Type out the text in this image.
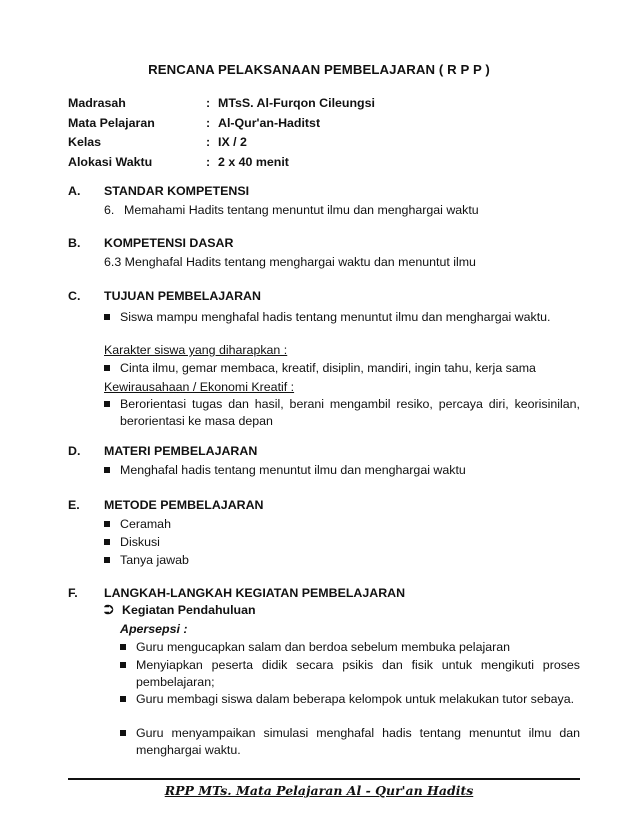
RENCANA PELAKSANAAN PEMBELAJARAN ( R P P )
Madrasah	: MTsS. Al-Furqon Cileungsi
Mata Pelajaran	: Al-Qur'an-Haditst
Kelas	: IX / 2
Alokasi Waktu	: 2 x 40 menit
A. STANDAR KOMPETENSI
6. Memahami Hadits tentang menuntut ilmu dan menghargai waktu
B. KOMPETENSI DASAR
6.3 Menghafal Hadits tentang menghargai waktu dan menuntut ilmu
C. TUJUAN PEMBELAJARAN
Siswa mampu menghafal hadis tentang menuntut ilmu dan menghargai waktu.
Karakter siswa yang diharapkan :
Cinta ilmu, gemar membaca, kreatif, disiplin, mandiri, ingin tahu, kerja sama
Kewirausahaan / Ekonomi Kreatif :
Berorientasi tugas dan hasil, berani mengambil resiko, percaya diri, keorisinilan, berorientasi ke masa depan
D. MATERI PEMBELAJARAN
Menghafal hadis tentang menuntut ilmu dan menghargai waktu
E. METODE PEMBELAJARAN
Ceramah
Diskusi
Tanya jawab
F. LANGKAH-LANGKAH KEGIATAN PEMBELAJARAN
⮊ Kegiatan Pendahuluan
Apersepsi :
Guru mengucapkan salam dan berdoa sebelum membuka pelajaran
Menyiapkan peserta didik secara psikis dan fisik untuk mengikuti proses pembelajaran;
Guru membagi siswa dalam beberapa kelompok untuk melakukan tutor sebaya.
Guru menyampaikan simulasi menghafal hadis tentang menuntut ilmu dan menghargai waktu.
RPP MTs. Mata Pelajaran Al - Qur'an Hadits
